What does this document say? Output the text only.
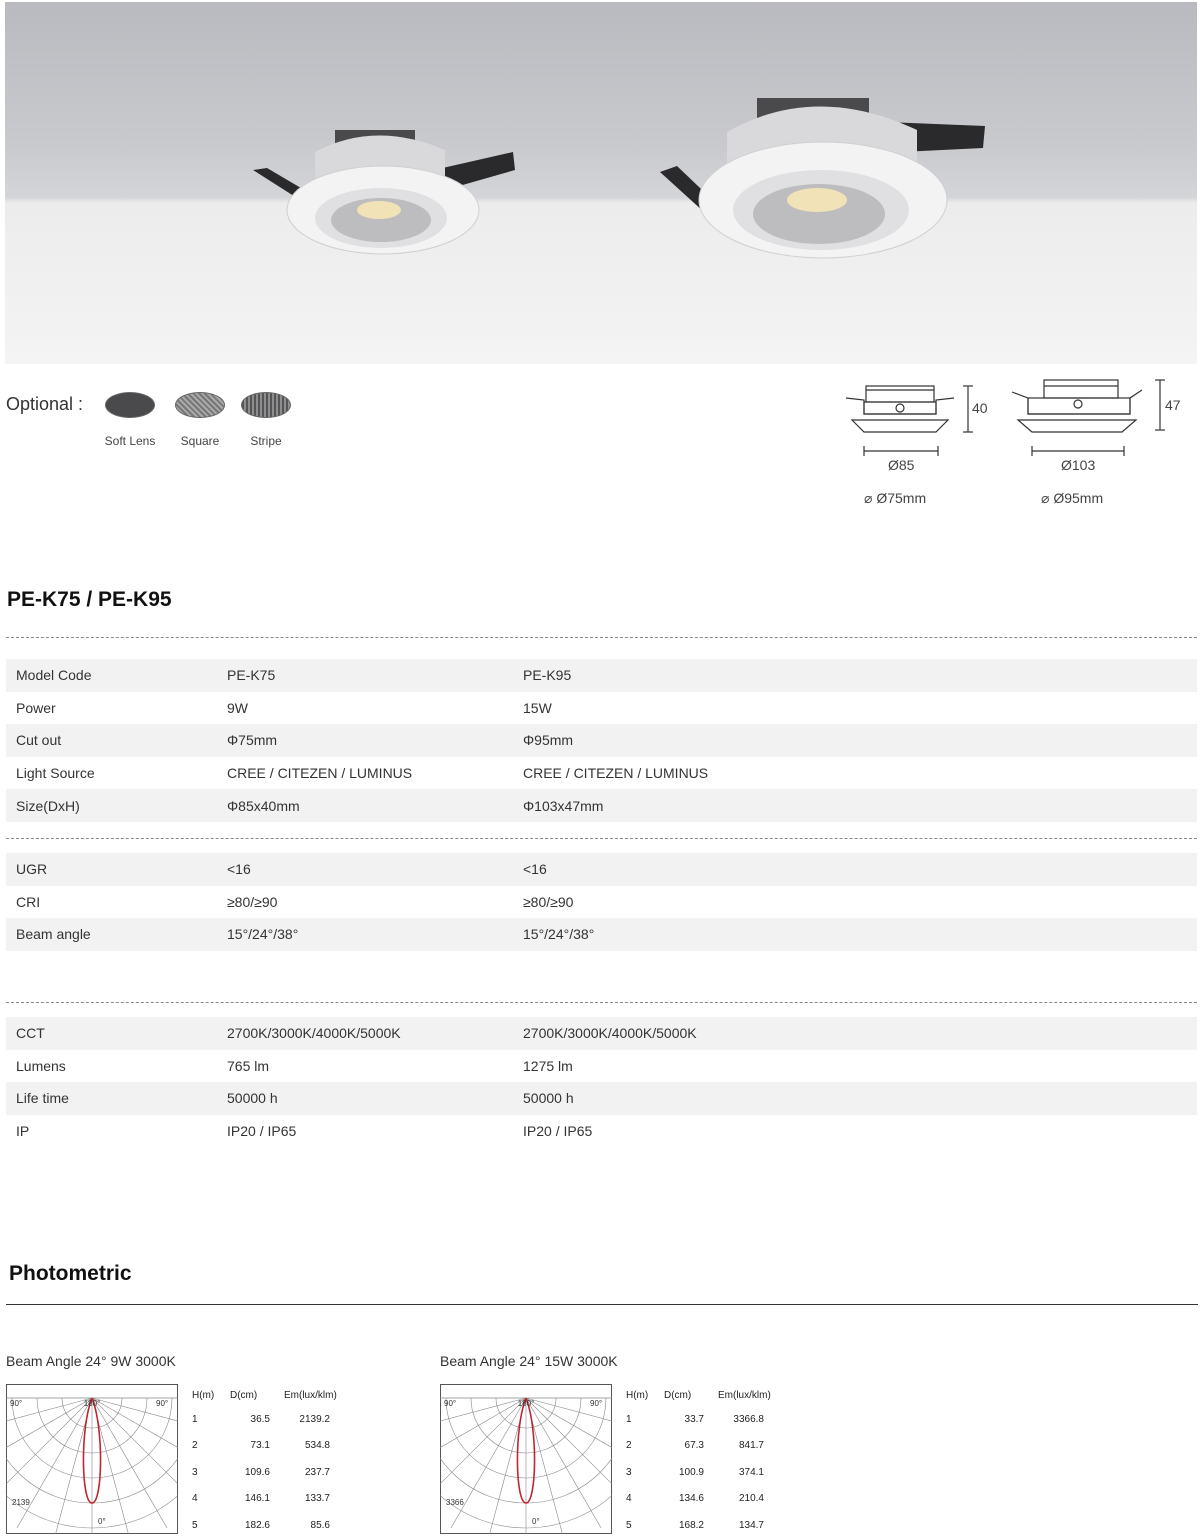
Optional :
Soft Lens	Square	Stripe
40
Ø85
⌀ Ø75mm
47
Ø103
⌀ Ø95mm
PE-K75 / PE-K95
Model Code	PE-K75	PE-K95
Power	9W	15W
Cut out	Φ75mm	Φ95mm
Light Source	CREE / CITEZEN / LUMINUS	CREE / CITEZEN / LUMINUS
Size(DxH)	Φ85x40mm	Φ103x47mm
UGR	<16	<16
CRI	≥80/≥90	≥80/≥90
Beam angle	15°/24°/38°	15°/24°/38°
CCT	2700K/3000K/4000K/5000K	2700K/3000K/4000K/5000K
Lumens	765 lm	1275 lm
Life time	50000 h	50000 h
IP	IP20 / IP65	IP20 / IP65
Photometric
Beam Angle 24° 9W 3000K
180°
90°	90°
0°
2139
H(m)	D(cm)	Em(lux/klm)
1	36.5	2139.2
2	73.1	534.8
3	109.6	237.7
4	146.1	133.7
5	182.6	85.6
Beam Angle 24° 15W 3000K
180°
90°	90°
0°
3366
H(m)	D(cm)	Em(lux/klm)
1	33.7	3366.8
2	67.3	841.7
3	100.9	374.1
4	134.6	210.4
5	168.2	134.7
